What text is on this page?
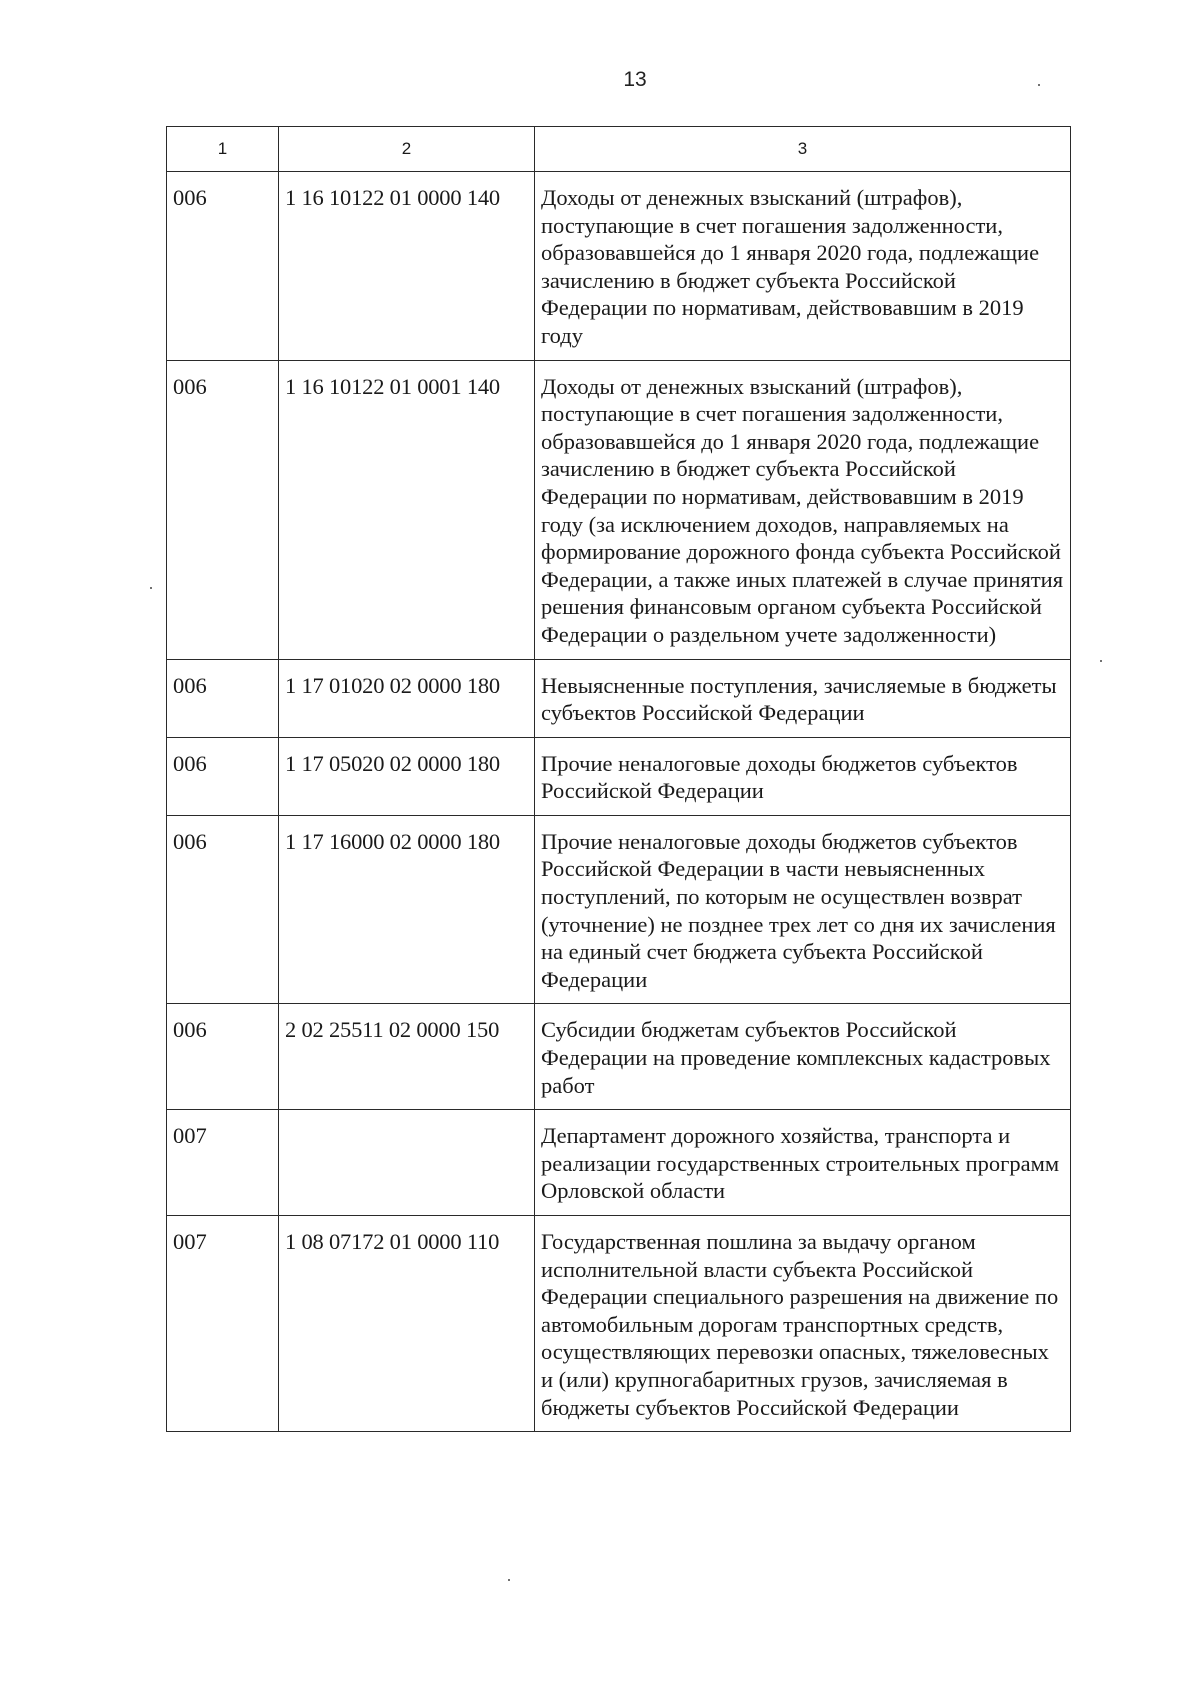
13
1	2	3
006	1 16 10122 01 0000 140	Доходы от денежных взысканий (штрафов), поступающие в счет погашения задолженности, образовавшейся до 1 января 2020 года, подлежащие зачислению в бюджет субъекта Российской Федерации по нормативам, действовавшим в 2019 году
006	1 16 10122 01 0001 140	Доходы от денежных взысканий (штрафов), поступающие в счет погашения задолженности, образовавшейся до 1 января 2020 года, подлежащие зачислению в бюджет субъекта Российской Федерации по нормативам, действовавшим в 2019 году (за исключением доходов, направляемых на формирование дорожного фонда субъекта Российской Федерации, а также иных платежей в случае принятия решения финансовым органом субъекта Российской Федерации о раздельном учете задолженности)
006	1 17 01020 02 0000 180	Невыясненные поступления, зачисляемые в бюджеты субъектов Российской Федерации
006	1 17 05020 02 0000 180	Прочие неналоговые доходы бюджетов субъектов Российской Федерации
006	1 17 16000 02 0000 180	Прочие неналоговые доходы бюджетов субъектов Российской Федерации в части невыясненных поступлений, по которым не осуществлен возврат (уточнение) не позднее трех лет со дня их зачисления на единый счет бюджета субъекта Российской Федерации
006	2 02 25511 02 0000 150	Субсидии бюджетам субъектов Российской Федерации на проведение комплексных кадастровых работ
007		Департамент дорожного хозяйства, транспорта и реализации государственных строительных программ Орловской области
007	1 08 07172 01 0000 110	Государственная пошлина за выдачу органом исполнительной власти субъекта Российской Федерации специального разрешения на движение по автомобильным дорогам транспортных средств, осуществляющих перевозки опасных, тяжеловесных и (или) крупногабаритных грузов, зачисляемая в бюджеты субъектов Российской Федерации
